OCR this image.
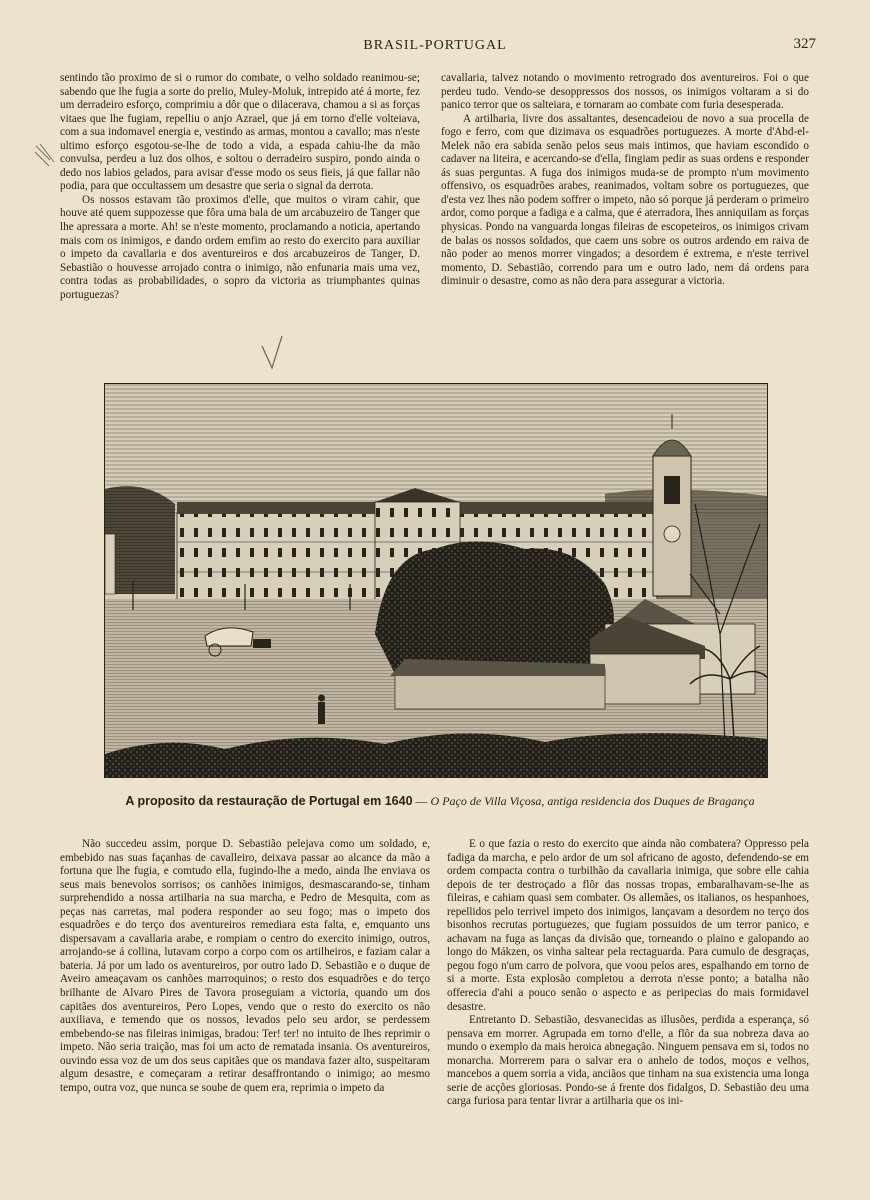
BRASIL-PORTUGAL	327

sentindo tão proximo de si o rumor do combate, o velho soldado reanimou-se; sabendo que lhe fugia a sorte do prelio, Muley-Moluk, intrepido até á morte, fez um derradeiro esforço, comprimiu a dôr que o dilacerava, chamou a si as forças vitaes que lhe fugiam, repelliu o anjo Azrael, que já em torno d'elle volteiava, com a sua indomavel energia e, vestindo as armas, montou a cavallo; mas n'este ultimo esforço esgotou-se-lhe de todo a vida, a espada cahiu-lhe da mão convulsa, perdeu a luz dos olhos, e soltou o derradeiro suspiro, pondo ainda o dedo nos labios gelados, para avisar d'esse modo os seus fieis, já que fallar não podia, para que occultassem um desastre que seria o signal da derrota.

Os nossos estavam tão proximos d'elle, que muitos o viram cahir, que houve até quem suppozesse que fôra uma bala de um arcabuzeiro de Tanger que lhe apressara a morte. Ah! se n'este momento, proclamando a noticia, apertando mais com os inimigos, e dando ordem emfim ao resto do exercito para auxiliar o impeto da cavallaria e dos aventureiros e dos arcabuzeiros de Tanger, D. Sebastião o houvesse arrojado contra o inimigo, não enfunaria mais uma vez, contra todas as probabilidades, o sopro da victoria as triumphantes quinas portuguezas?

cavallaria, talvez notando o movimento retrogrado dos aventureiros. Foi o que perdeu tudo. Vendo-se desoppressos dos nossos, os inimigos voltaram a si do panico terror que os salteiara, e tornaram ao combate com furia desesperada.

A artilharia, livre dos assaltantes, desencadeiou de novo a sua procella de fogo e ferro, com que dizimava os esquadrões portuguezes. A morte d'Abd-el-Melek não era sabida senão pelos seus mais intimos, que haviam escondido o cadaver na liteira, e acercando-se d'ella, fingiam pedir as suas ordens e responder ás suas perguntas. A fuga dos inimigos muda-se de prompto n'um movimento offensivo, os esquadrões arabes, reanimados, voltam sobre os portuguezes, que d'esta vez lhes não podem soffrer o impeto, não só porque já perderam o primeiro ardor, como porque a fadiga e a calma, que é aterradora, lhes anniquilam as forças physicas. Pondo na vanguarda longas fileiras de escopeteiros, os inimigos crivam de balas os nossos soldados, que caem uns sobre os outros ardendo em raiva de não poder ao menos morrer vingados; a desordem é extrema, e n'este terrivel momento, D. Sebastião, correndo para um e outro lado, nem dá ordens para diminuir o desastre, como as não dera para assegurar a victoria.

A proposito da restauração de Portugal em 1640 — O Paço de Villa Viçosa, antiga residencia dos Duques de Bragança

Não succedeu assim, porque D. Sebastião pelejava como um soldado, e, embebido nas suas façanhas de cavalleiro, deixava passar ao alcance da mão a fortuna que lhe fugia, e comtudo ella, fugindo-lhe a medo, ainda lhe enviava os seus mais benevolos sorrisos; os canhões inimigos, desmascarando-se, tinham surprehendido a nossa artilharia na sua marcha, e Pedro de Mesquita, com as peças nas carretas, mal podera responder ao seu fogo; mas o impeto dos esquadrões e do terço dos aventureiros remediara esta falta, e, emquanto uns dispersavam a cavallaria arabe, e rompiam o centro do exercito inimigo, outros, arrojando-se á collina, lutavam corpo a corpo com os artilheiros, e faziam calar a bateria. Já por um lado os aventureiros, por outro lado D. Sebastião e o duque de Aveiro ameaçavam os canhões marroquinos; o resto dos esquadrões e do terço brilhante de Alvaro Pires de Tavora proseguiam a victoria, quando um dos capitães dos aventureiros, Pero Lopes, vendo que o resto do exercito os não auxiliava, e temendo que os nossos, levados pelo seu ardor, se perdessem embebendo-se nas fileiras inimigas, bradou: Ter! ter! no intuito de lhes reprimir o impeto. Não seria traição, mas foi um acto de rematada insania. Os aventureiros, ouvindo essa voz de um dos seus capitães que os mandava fazer alto, suspeitaram algum desastre, e começaram a retirar desaffrontando o inimigo; ao mesmo tempo, outra voz, que nunca se soube de quem era, reprimia o impeto da

E o que fazia o resto do exercito que ainda não combatera? Oppresso pela fadiga da marcha, e pelo ardor de um sol africano de agosto, defendendo-se em ordem compacta contra o turbilhão da cavallaria inimiga, que sobre elle cahia depois de ter destroçado a flôr das nossas tropas, embaralhavam-se-lhe as fileiras, e cahiam quasi sem combater. Os allemães, os italianos, os hespanhoes, repellidos pelo terrivel impeto dos inimigos, lançavam a desordem no terço dos bisonhos recrutas portuguezes, que fugiam possuidos de um terror panico, e achavam na fuga as lanças da divisão que, torneando o plaino e galopando ao longo do Mákzen, os vinha saltear pela rectaguarda. Para cumulo de desgraças, pegou fogo n'um carro de polvora, que voou pelos ares, espalhando em torno de si a morte. Esta explosão completou a derrota n'esse ponto; a batalha não offerecia d'ahi a pouco senão o aspecto e as peripecias do mais formidavel desastre.

Entretanto D. Sebastião, desvanecidas as illusões, perdida a esperança, só pensava em morrer. Agrupada em torno d'elle, a flôr da sua nobreza dava ao mundo o exemplo da mais heroica abnegação. Ninguem pensava em si, todos no monarcha. Morrerem para o salvar era o anhelo de todos, moços e velhos, mancebos a quem sorria a vida, anciãos que tinham na sua existencia uma longa serie de acções gloriosas. Pondo-se á frente dos fidalgos, D. Sebastião deu uma carga furiosa para tentar livrar a artilharia que os ini-
